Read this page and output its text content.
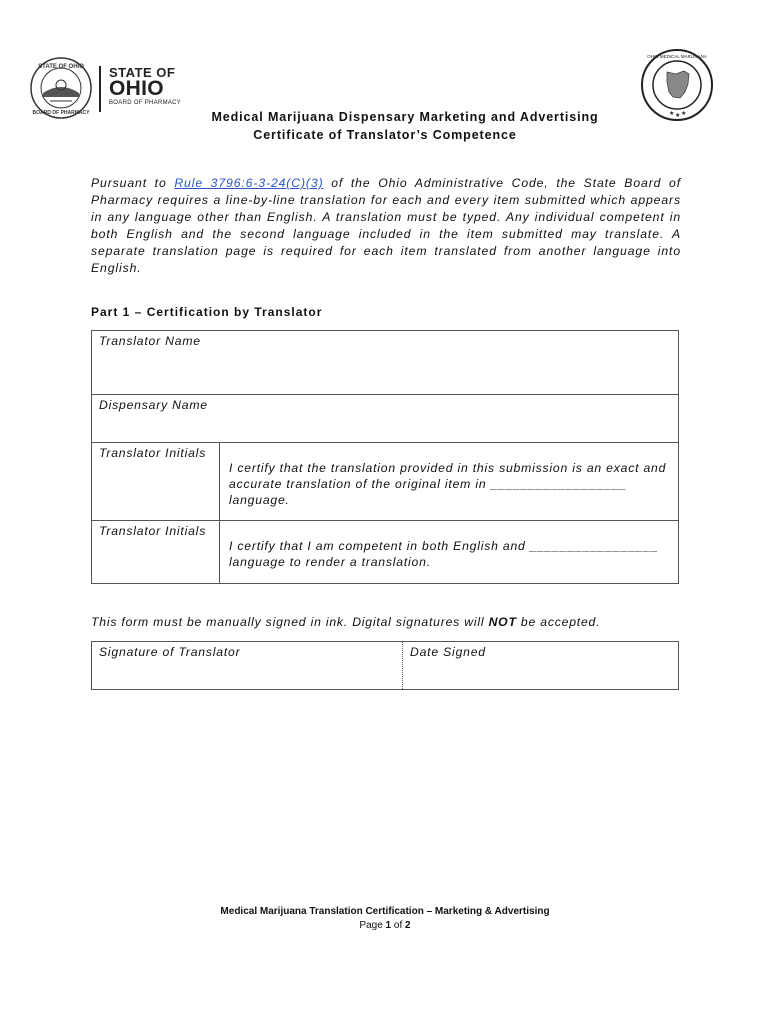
STATE OF OHIO
BOARD OF PHARMACY
STATE OF
OHIO
BOARD OF PHARMACY
★ ★ ★
OHIO MEDICAL MARIJUANA
Medical Marijuana Dispensary Marketing and Advertising
Certificate of Translator’s Competence
Pursuant to Rule 3796:6-3-24(C)(3) of the Ohio Administrative Code, the State Board of Pharmacy requires a line-by-line translation for each and every item submitted which appears in any language other than English. A translation must be typed. Any individual competent in both English and the second language included in the item submitted may translate. A separate translation page is required for each item translated from another language into English.
Part 1 – Certification by Translator
Translator Name
Dispensary Name
Translator Initials
I certify that the translation provided in this submission is an exact and accurate translation of the original item in __________________ language.
Translator Initials
I certify that I am competent in both English and _________________ language to render a translation.
This form must be manually signed in ink. Digital signatures will NOT be accepted.
Signature of Translator	Date Signed
Medical Marijuana Translation Certification – Marketing & Advertising
Page 1 of 2
